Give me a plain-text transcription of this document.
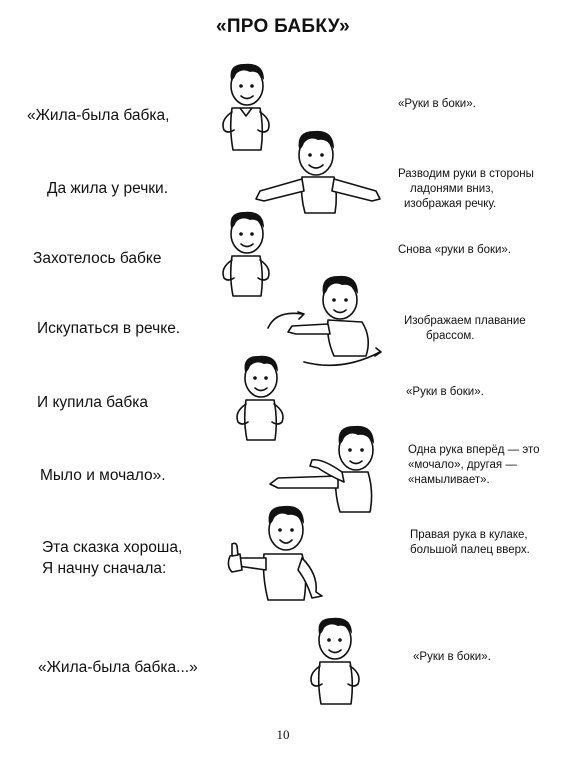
«ПРО БАБКУ»
«Жила-была бабка,
«Руки в боки».
Да жила у речки.
Разводим руки в стороны
ладонями вниз,
изображая речку.
Захотелось бабке	Снова «руки в боки».
Искупаться в речке.	Изображаем плавание
брассом.
И купила бабка
«Руки в боки».
Мыло и мочало».
Одна рука вперёд — это
«мочало», другая —
«намыливает».
Эта сказка хороша,
Я начну сначала:
Правая рука в кулаке,
большой палец вверх.
«Жила-была бабка...»
«Руки в боки».
10
